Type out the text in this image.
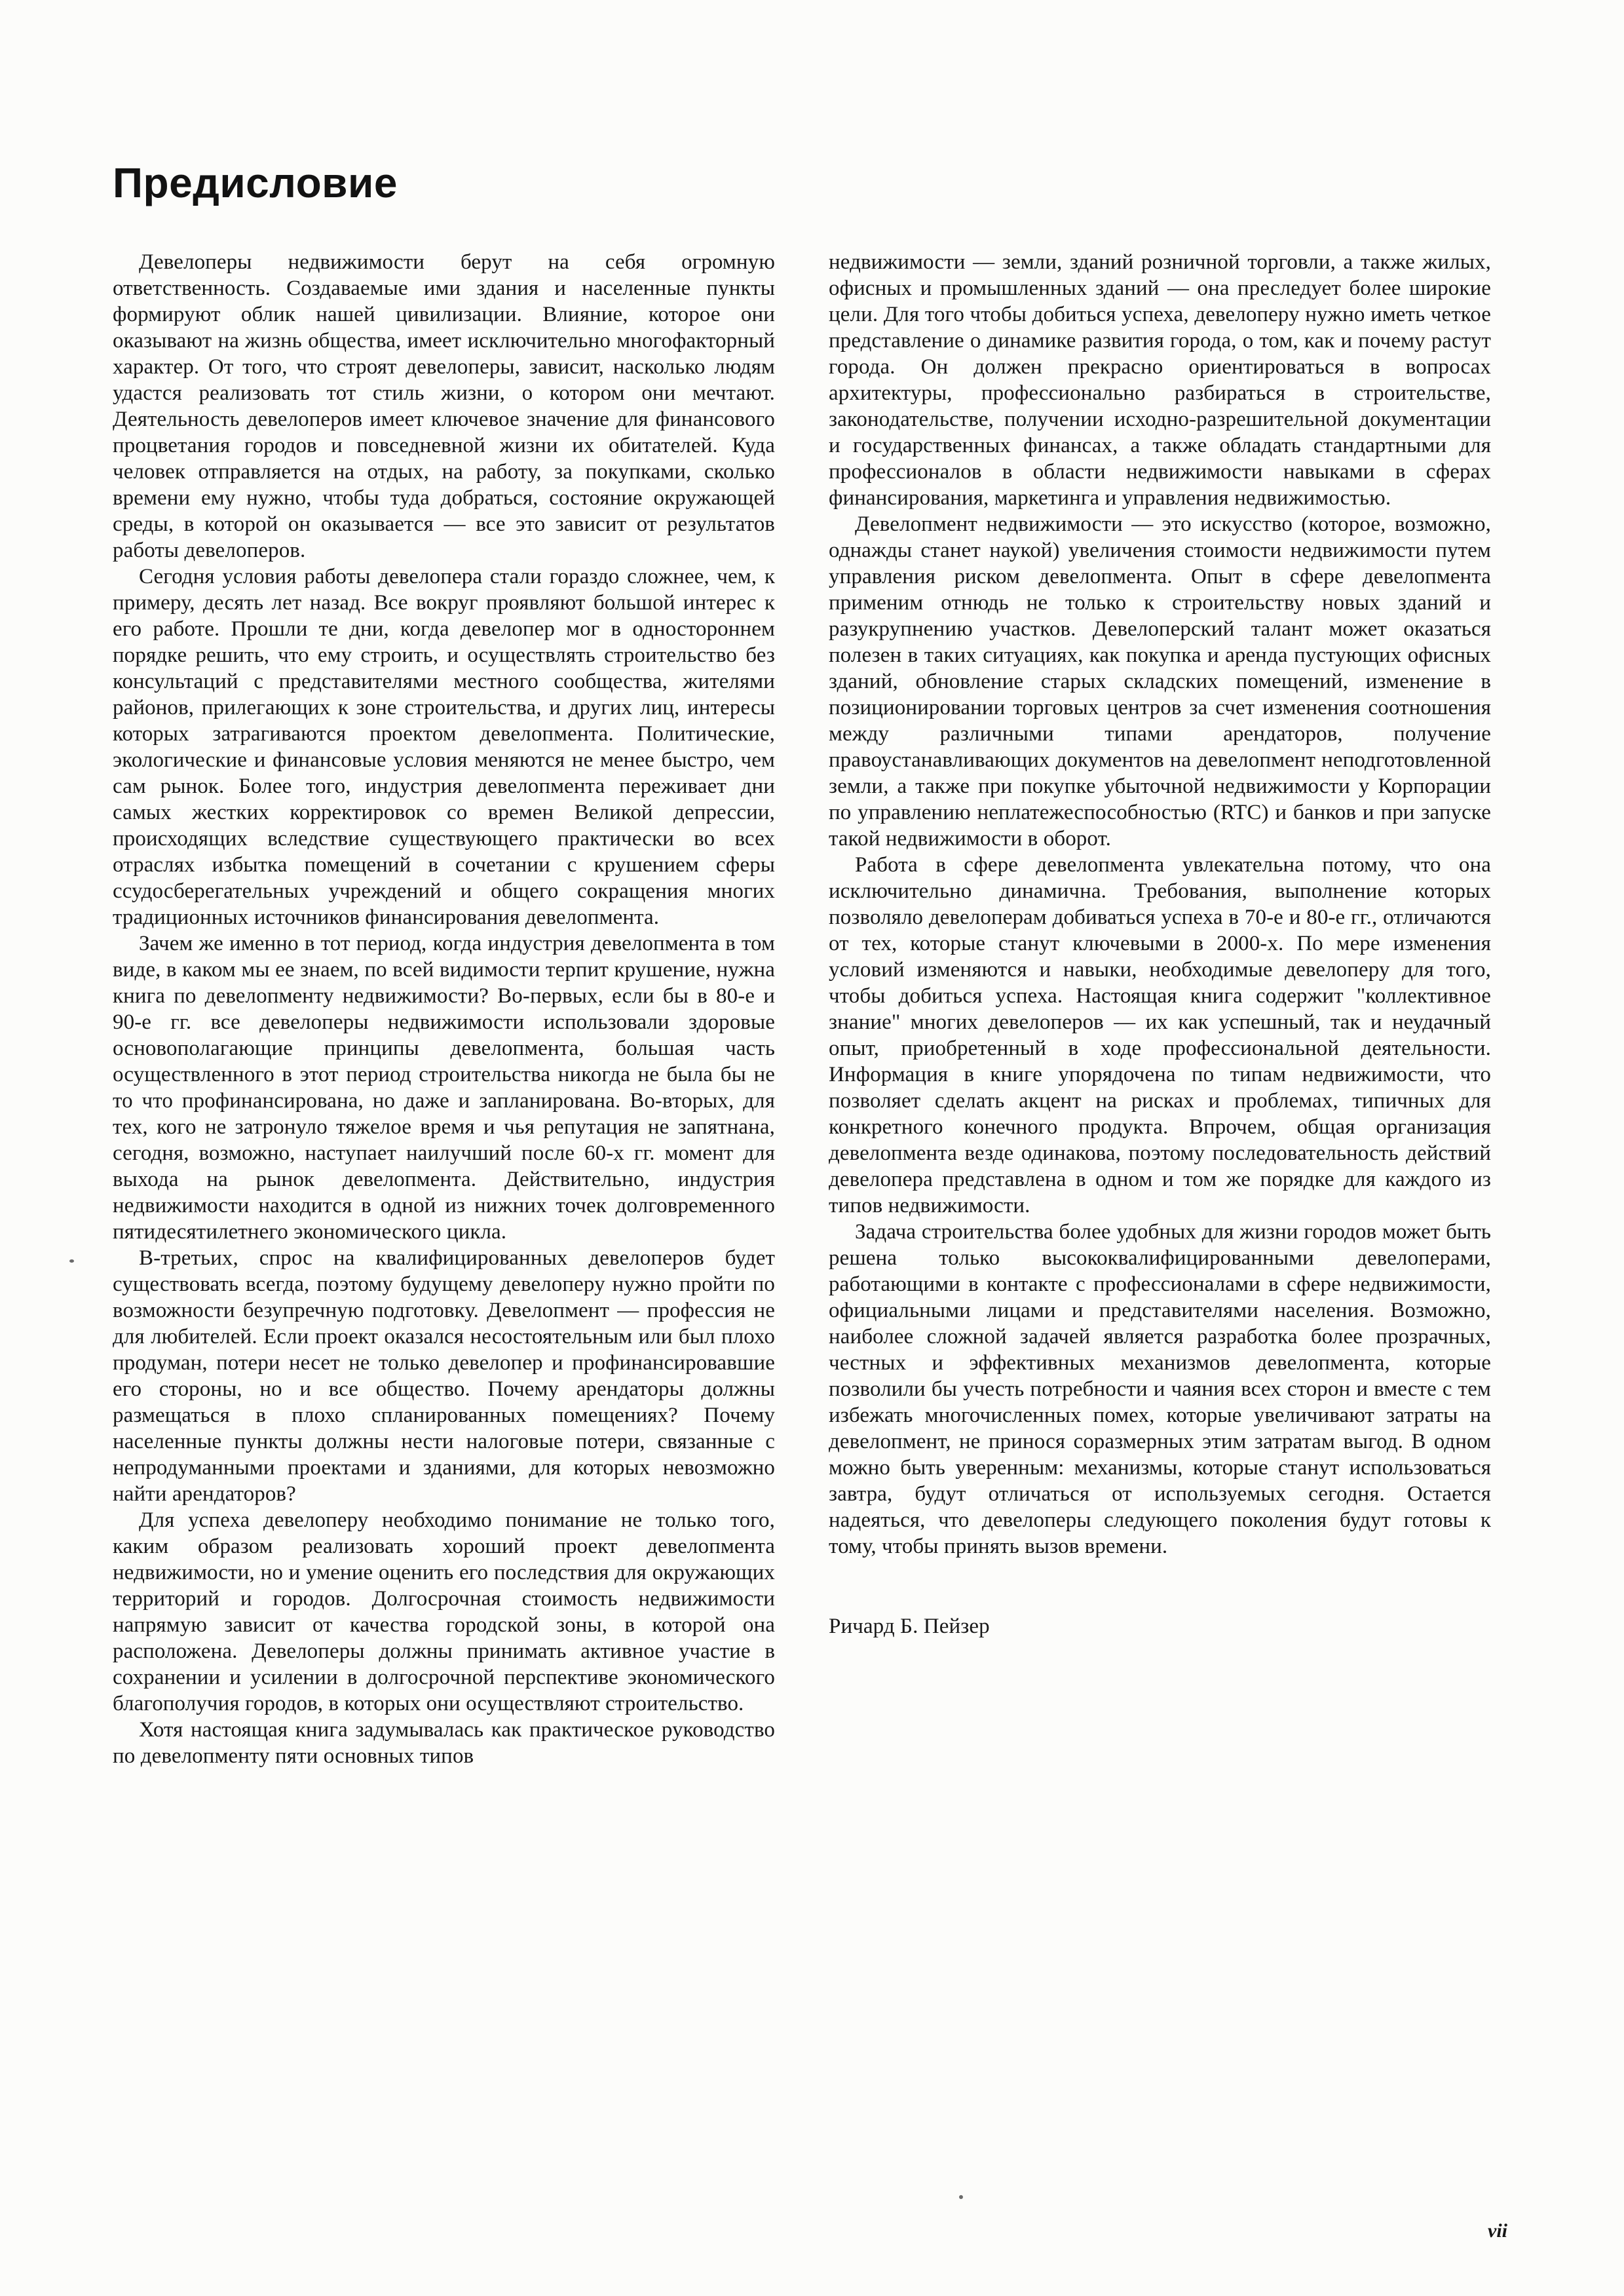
Предисловие

Девелоперы недвижимости берут на себя огромную ответственность. Создаваемые ими здания и населенные пункты формируют облик нашей цивилизации. Влияние, которое они оказывают на жизнь общества, имеет исключительно многофакторный характер. От того, что строят девелоперы, зависит, насколько людям удастся реализовать тот стиль жизни, о котором они мечтают. Деятельность девелоперов имеет ключевое значение для финансового процветания городов и повседневной жизни их обитателей. Куда человек отправляется на отдых, на работу, за покупками, сколько времени ему нужно, чтобы туда добраться, состояние окружающей среды, в которой он оказывается — все это зависит от результатов работы девелоперов.

Сегодня условия работы девелопера стали гораздо сложнее, чем, к примеру, десять лет назад. Все вокруг проявляют большой интерес к его работе. Прошли те дни, когда девелопер мог в одностороннем порядке решить, что ему строить, и осуществлять строительство без консультаций с представителями местного сообщества, жителями районов, прилегающих к зоне строительства, и других лиц, интересы которых затрагиваются проектом девелопмента. Политические, экологические и финансовые условия меняются не менее быстро, чем сам рынок. Более того, индустрия девелопмента переживает дни самых жестких корректировок со времен Великой депрессии, происходящих вследствие существующего практически во всех отраслях избытка помещений в сочетании с крушением сферы ссудосберегательных учреждений и общего сокращения многих традиционных источников финансирования девелопмента.

Зачем же именно в тот период, когда индустрия девелопмента в том виде, в каком мы ее знаем, по всей видимости терпит крушение, нужна книга по девелопменту недвижимости? Во-первых, если бы в 80-е и 90-е гг. все девелоперы недвижимости использовали здоровые основополагающие принципы девелопмента, большая часть осуществленного в этот период строительства никогда не была бы не то что профинансирована, но даже и запланирована. Во-вторых, для тех, кого не затронуло тяжелое время и чья репутация не запятнана, сегодня, возможно, наступает наилучший после 60-х гг. момент для выхода на рынок девелопмента. Действительно, индустрия недвижимости находится в одной из нижних точек долговременного пятидесятилетнего экономического цикла.

В-третьих, спрос на квалифицированных девелоперов будет существовать всегда, поэтому будущему девелоперу нужно пройти по возможности безупречную подготовку. Девелопмент — профессия не для любителей. Если проект оказался несостоятельным или был плохо продуман, потери несет не только девелопер и профинансировавшие его стороны, но и все общество. Почему арендаторы должны размещаться в плохо спланированных помещениях? Почему населенные пункты должны нести налоговые потери, связанные с непродуманными проектами и зданиями, для которых невозможно найти арендаторов?

Для успеха девелоперу необходимо понимание не только того, каким образом реализовать хороший проект девелопмента недвижимости, но и умение оценить его последствия для окружающих территорий и городов. Долгосрочная стоимость недвижимости напрямую зависит от качества городской зоны, в которой она расположена. Девелоперы должны принимать активное участие в сохранении и усилении в долгосрочной перспективе экономического благополучия городов, в которых они осуществляют строительство.

Хотя настоящая книга задумывалась как практическое руководство по девелопменту пяти основных типов

недвижимости — земли, зданий розничной торговли, а также жилых, офисных и промышленных зданий — она преследует более широкие цели. Для того чтобы добиться успеха, девелоперу нужно иметь четкое представление о динамике развития города, о том, как и почему растут города. Он должен прекрасно ориентироваться в вопросах архитектуры, профессионально разбираться в строительстве, законодательстве, получении исходно-разрешительной документации и государственных финансах, а также обладать стандартными для профессионалов в области недвижимости навыками в сферах финансирования, маркетинга и управления недвижимостью.

Девелопмент недвижимости — это искусство (которое, возможно, однажды станет наукой) увеличения стоимости недвижимости путем управления риском девелопмента. Опыт в сфере девелопмента применим отнюдь не только к строительству новых зданий и разукрупнению участков. Девелоперский талант может оказаться полезен в таких ситуациях, как покупка и аренда пустующих офисных зданий, обновление старых складских помещений, изменение в позиционировании торговых центров за счет изменения соотношения между различными типами арендаторов, получение правоустанавливающих документов на девелопмент неподготовленной земли, а также при покупке убыточной недвижимости у Корпорации по управлению неплатежеспособностью (RTC) и банков и при запуске такой недвижимости в оборот.

Работа в сфере девелопмента увлекательна потому, что она исключительно динамична. Требования, выполнение которых позволяло девелоперам добиваться успеха в 70-е и 80-е гг., отличаются от тех, которые станут ключевыми в 2000-х. По мере изменения условий изменяются и навыки, необходимые девелоперу для того, чтобы добиться успеха. Настоящая книга содержит "коллективное знание" многих девелоперов — их как успешный, так и неудачный опыт, приобретенный в ходе профессиональной деятельности. Информация в книге упорядочена по типам недвижимости, что позволяет сделать акцент на рисках и проблемах, типичных для конкретного конечного продукта. Впрочем, общая организация девелопмента везде одинакова, поэтому последовательность действий девелопера представлена в одном и том же порядке для каждого из типов недвижимости.

Задача строительства более удобных для жизни городов может быть решена только высококвалифицированными девелоперами, работающими в контакте с профессионалами в сфере недвижимости, официальными лицами и представителями населения. Возможно, наиболее сложной задачей является разработка более прозрачных, честных и эффективных механизмов девелопмента, которые позволили бы учесть потребности и чаяния всех сторон и вместе с тем избежать многочисленных помех, которые увеличивают затраты на девелопмент, не принося соразмерных этим затратам выгод. В одном можно быть уверенным: механизмы, которые станут использоваться завтра, будут отличаться от используемых сегодня. Остается надеяться, что девелоперы следующего поколения будут готовы к тому, чтобы принять вызов времени.

Ричард Б. Пейзер

vii
